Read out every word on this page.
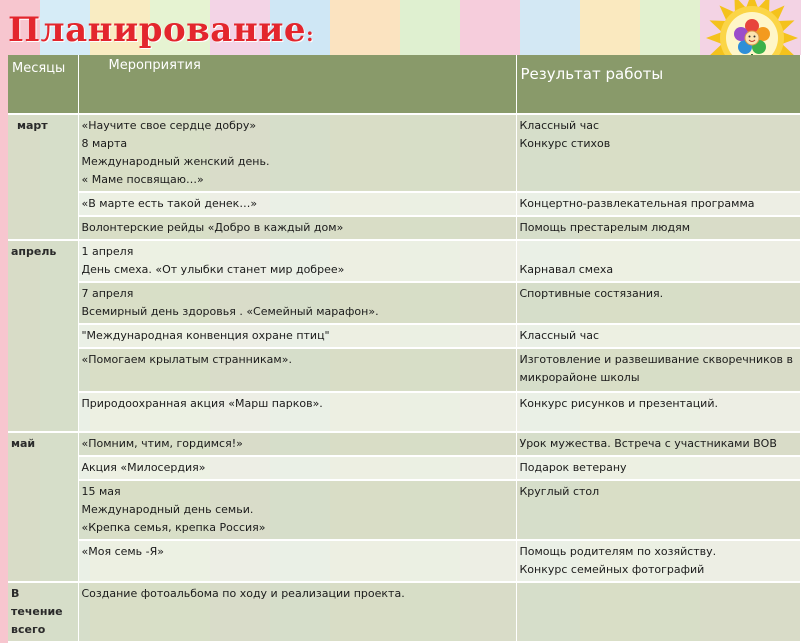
Планирование:
Месяцы	Мероприятия	Результат работы
март	«Научите свое сердце добру»
8 марта
Международный женский день.
« Маме посвящаю…»	Классный час
Конкурс стихов

	«В марте есть такой денек…»	Концертно-развлекательная программа

	Волонтерские рейды «Добро в каждый дом»	Помощь престарелым людям

апрель	1 апреля
День смеха. «От улыбки станет мир добрее»	Карнавал смеха

	7 апреля
Всемирный день здоровья . «Семейный марафон».	Спортивные состязания.

	"Международная конвенция охране птиц"	Классный час

	«Помогаем крылатым странникам».	Изготовление и развешивание скворечников в
микрорайоне школы

	Природоохранная акция «Марш парков».	Конкурс рисунков и презентаций.

май	«Помним, чтим, гордимся!»	Урок мужества. Встреча с участниками ВОВ

	Акция «Милосердия»	Подарок ветерану

	15 мая
Международный день семьи.
«Крепка семья, крепка Россия»	Круглый стол

	«Моя семь -Я»	Помощь родителям по хозяйству.
Конкурс семейных фотографий

В течение всего	Создание фотоальбома по ходу и реализации проекта.	
